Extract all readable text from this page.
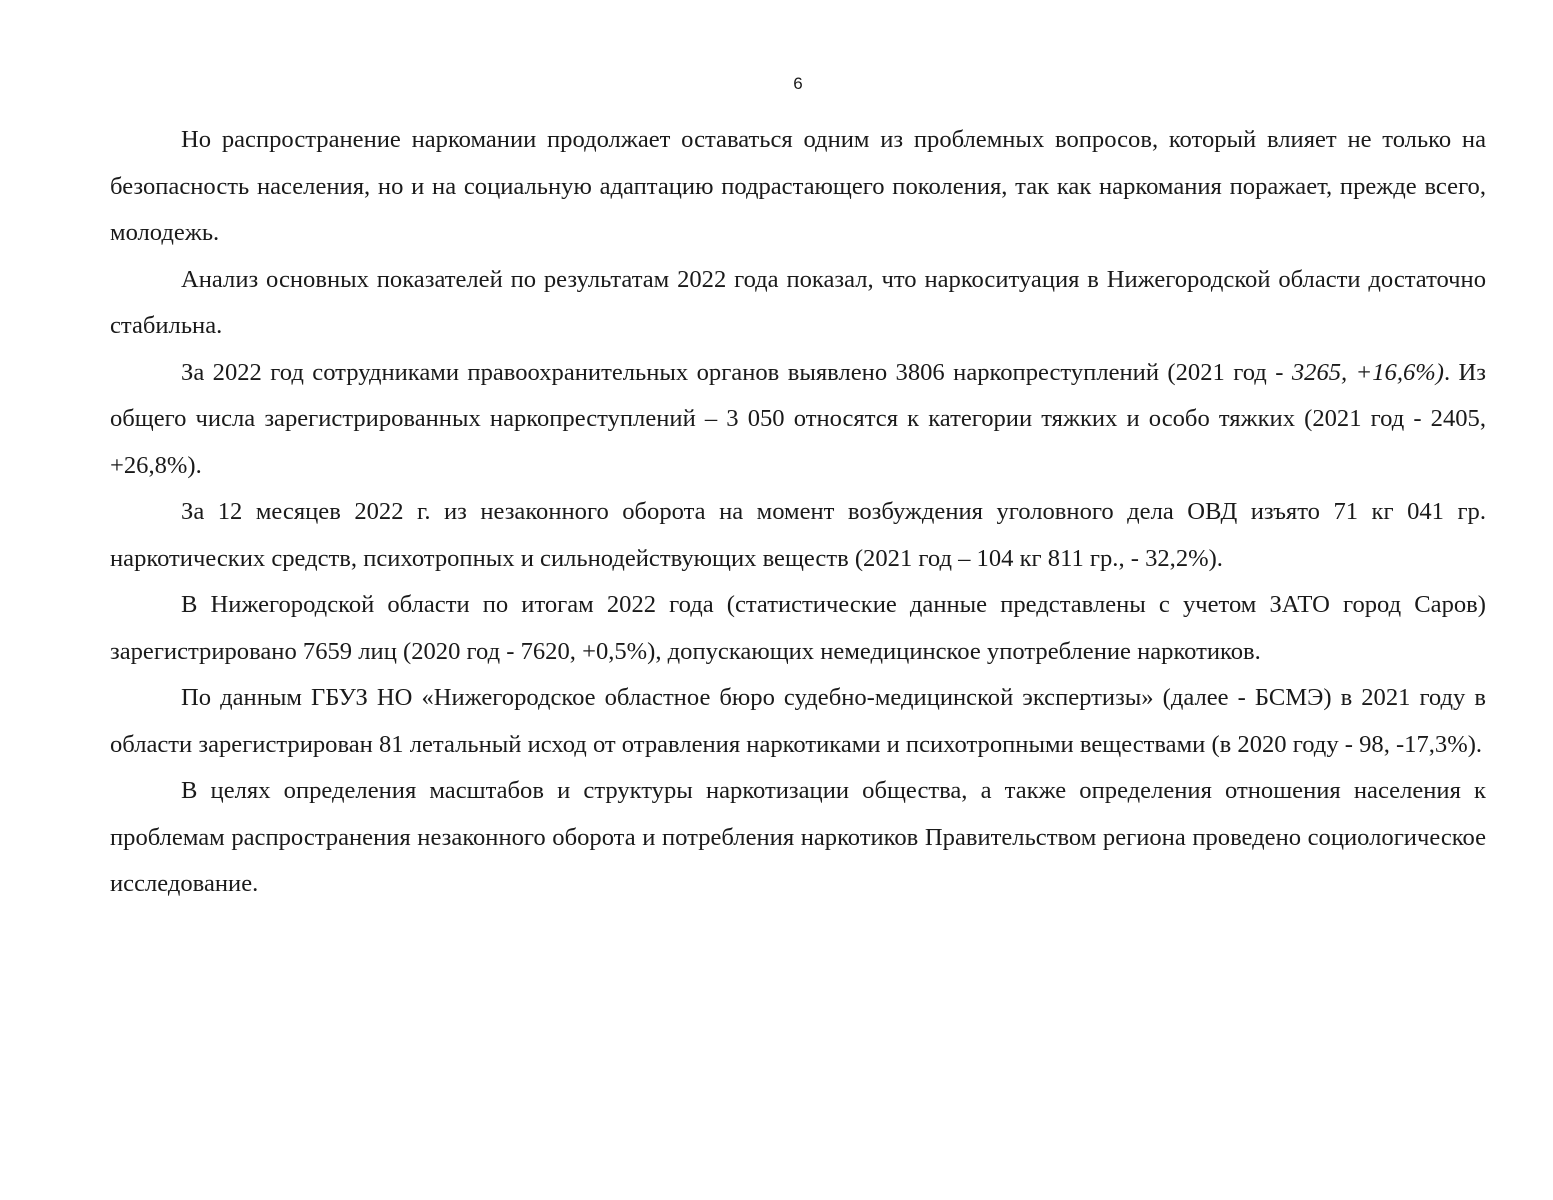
6

Но распространение наркомании продолжает оставаться одним из проблемных вопросов, который влияет не только на безопасность населения, но и на социальную адаптацию подрастающего поколения, так как наркомания поражает, прежде всего, молодежь.

Анализ основных показателей по результатам 2022 года показал, что наркоситуация в Нижегородской области достаточно стабильна.

За 2022 год сотрудниками правоохранительных органов выявлено 3806 наркопреступлений (2021 год - 3265, +16,6%). Из общего числа зарегистрированных наркопреступлений – 3 050 относятся к категории тяжких и особо тяжких (2021 год - 2405, +26,8%).

За 12 месяцев 2022 г. из незаконного оборота на момент возбуждения уголовного дела ОВД изъято 71 кг 041 гр. наркотических средств, психотропных и сильнодействующих веществ (2021 год – 104 кг 811 гр., - 32,2%).

В Нижегородской области по итогам 2022 года (статистические данные представлены с учетом ЗАТО город Саров) зарегистрировано 7659 лиц (2020 год - 7620, +0,5%), допускающих немедицинское употребление наркотиков.

По данным ГБУЗ НО «Нижегородское областное бюро судебно-медицинской экспертизы» (далее - БСМЭ) в 2021 году в области зарегистрирован 81 летальный исход от отравления наркотиками и психотропными веществами (в 2020 году - 98, -17,3%).

В целях определения масштабов и структуры наркотизации общества, а также определения отношения населения к проблемам распространения незаконного оборота и потребления наркотиков Правительством региона проведено социологическое исследование.
